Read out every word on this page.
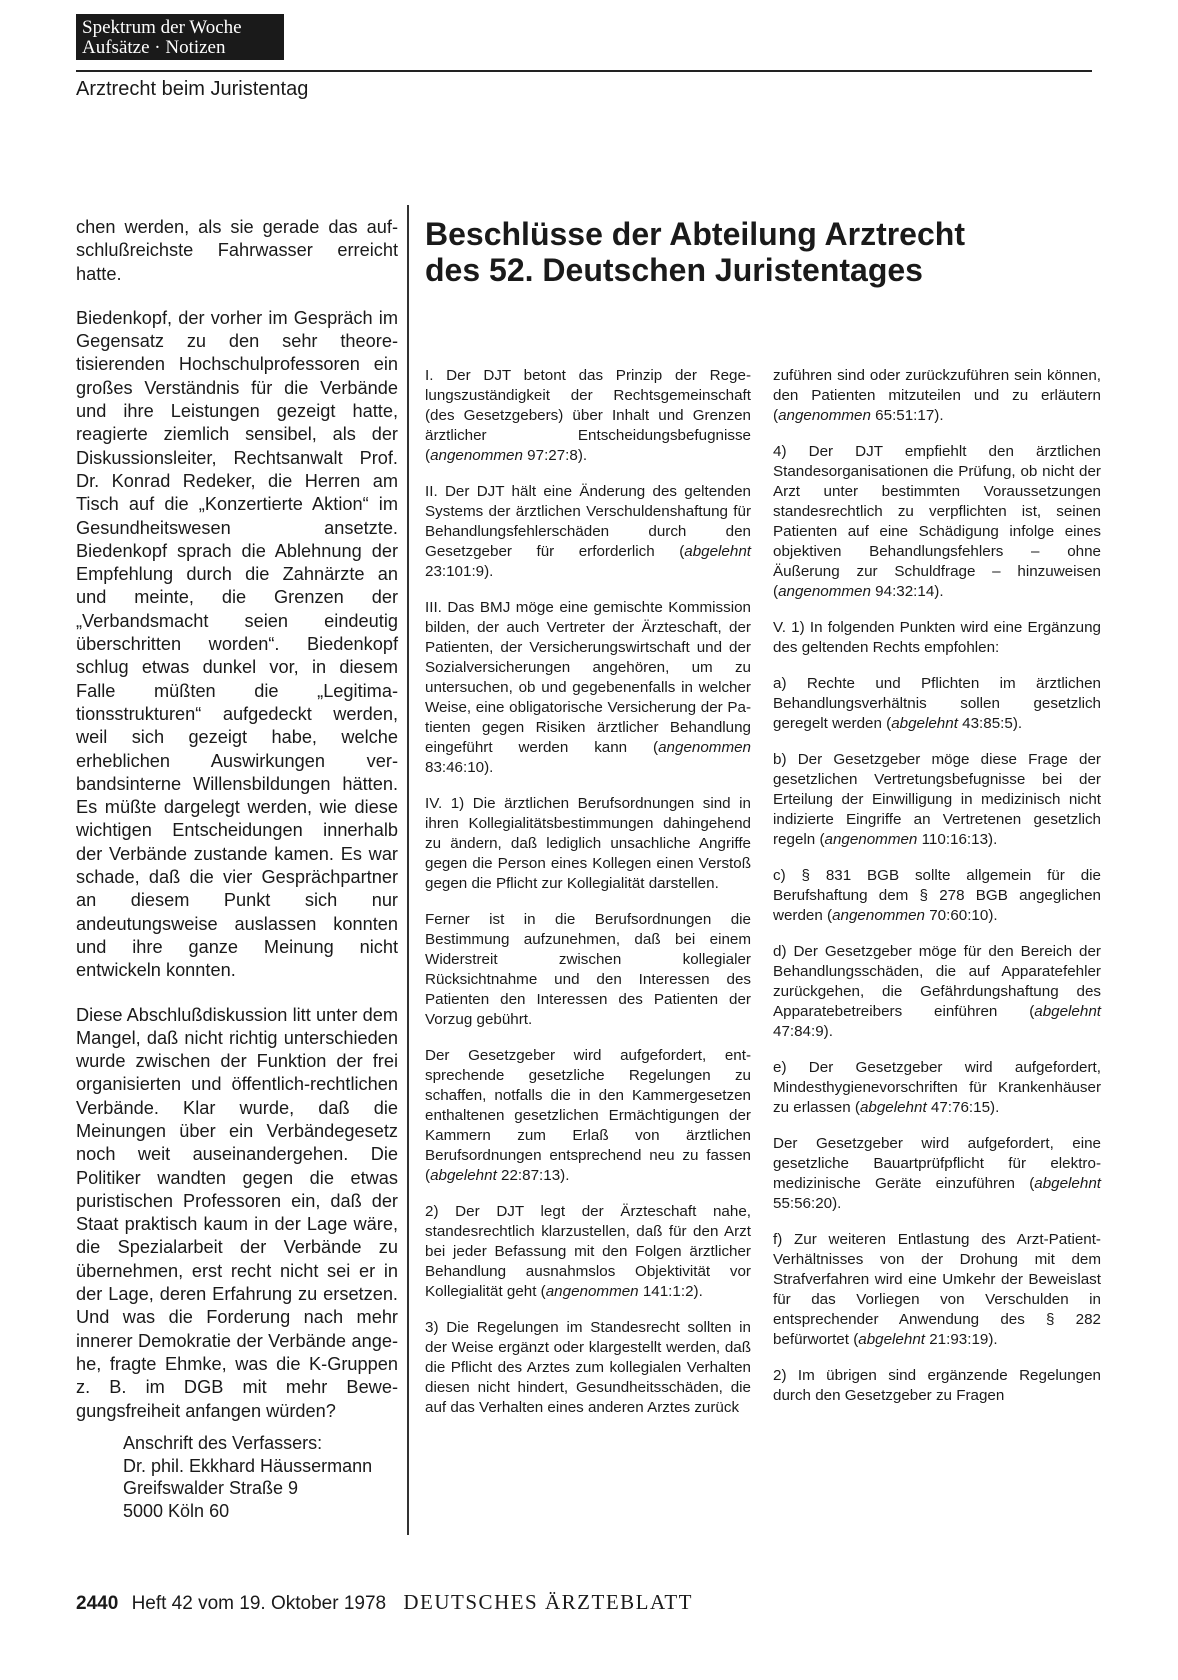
Spektrum der Woche
Aufsätze · Notizen
Arztrecht beim Juristentag

chen werden, als sie gerade das aufschlußreichste Fahrwasser erreicht hatte.

Biedenkopf, der vorher im Gespräch im Gegensatz zu den sehr theoretisierenden Hochschulprofessoren ein großes Verständnis für die Verbände und ihre Leistungen gezeigt hatte, reagierte ziemlich sensibel, als der Diskussionsleiter, Rechtsanwalt Prof. Dr. Konrad Redeker, die Herren am Tisch auf die „Konzertierte Aktion“ im Gesundheitswesen ansetzte. Biedenkopf sprach die Ablehnung der Empfehlung durch die Zahnärzte an und meinte, die Grenzen der „Verbandsmacht seien eindeutig überschritten worden“. Biedenkopf schlug etwas dunkel vor, in diesem Falle müßten die „Legitimationsstrukturen“ aufgedeckt werden, weil sich gezeigt habe, welche erheblichen Auswirkungen verbandsinterne Willensbildungen hätten. Es müßte dargelegt werden, wie diese wichtigen Entscheidungen innerhalb der Verbände zustande kamen. Es war schade, daß die vier Gesprächpartner an diesem Punkt sich nur andeutungsweise auslassen konnten und ihre ganze Meinung nicht entwickeln konnten.

Diese Abschlußdiskussion litt unter dem Mangel, daß nicht richtig unterschieden wurde zwischen der Funktion der frei organisierten und öffentlich-rechtlichen Verbände. Klar wurde, daß die Meinungen über ein Verbändegesetz noch weit auseinandergehen. Die Politiker wandten gegen die etwas puristischen Professoren ein, daß der Staat praktisch kaum in der Lage wäre, die Spezialarbeit der Verbände zu übernehmen, erst recht nicht sei er in der Lage, deren Erfahrung zu ersetzen. Und was die Forderung nach mehr innerer Demokratie der Verbände angehe, fragte Ehmke, was die K-Gruppen z. B. im DGB mit mehr Bewegungsfreiheit anfangen würden?

Anschrift des Verfassers:
Dr. phil. Ekkhard Häussermann
Greifswalder Straße 9
5000 Köln 60
Beschlüsse der Abteilung Arztrecht
des 52. Deutschen Juristentages

I. Der DJT betont das Prinzip der Regelungszuständigkeit der Rechtsgemeinschaft (des Gesetzgebers) über Inhalt und Grenzen ärztlicher Entscheidungsbefugnisse (angenommen 97:27:8).

II. Der DJT hält eine Änderung des geltenden Systems der ärztlichen Verschuldenshaftung für Behandlungsfehlerschäden durch den Gesetzgeber für erforderlich (abgelehnt 23:101:9).

III. Das BMJ möge eine gemischte Kommission bilden, der auch Vertreter der Ärzteschaft, der Patienten, der Versicherungswirtschaft und der Sozialversicherungen angehören, um zu untersuchen, ob und gegebenenfalls in welcher Weise, eine obligatorische Versicherung der Patienten gegen Risiken ärztlicher Behandlung eingeführt werden kann (angenommen 83:46:10).

IV. 1) Die ärztlichen Berufsordnungen sind in ihren Kollegialitätsbestimmungen dahingehend zu ändern, daß lediglich unsachliche Angriffe gegen die Person eines Kollegen einen Verstoß gegen die Pflicht zur Kollegialität darstellen.

Ferner ist in die Berufsordnungen die Bestimmung aufzunehmen, daß bei einem Widerstreit zwischen kollegialer Rücksichtnahme und den Interessen des Patienten den Interessen des Patienten der Vorzug gebührt.

Der Gesetzgeber wird aufgefordert, entsprechende gesetzliche Regelungen zu schaffen, notfalls die in den Kammergesetzen enthaltenen gesetzlichen Ermächtigungen der Kammern zum Erlaß von ärztlichen Berufsordnungen entsprechend neu zu fassen (abgelehnt 22:87:13).

2) Der DJT legt der Ärzteschaft nahe, standesrechtlich klarzustellen, daß für den Arzt bei jeder Befassung mit den Folgen ärztlicher Behandlung ausnahmslos Objektivität vor Kollegialität geht (angenommen 141:1:2).

3) Die Regelungen im Standesrecht sollten in der Weise ergänzt oder klargestellt werden, daß die Pflicht des Arztes zum kollegialen Verhalten diesen nicht hindert, Gesundheitsschäden, die auf das Verhalten eines anderen Arztes zurück

zuführen sind oder zurückzuführen sein können, den Patienten mitzuteilen und zu erläutern (angenommen 65:51:17).

4) Der DJT empfiehlt den ärztlichen Standesorganisationen die Prüfung, ob nicht der Arzt unter bestimmten Voraussetzungen standesrechtlich zu verpflichten ist, seinen Patienten auf eine Schädigung infolge eines objektiven Behandlungsfehlers – ohne Äußerung zur Schuldfrage – hinzuweisen (angenommen 94:32:14).

V. 1) In folgenden Punkten wird eine Ergänzung des geltenden Rechts empfohlen:

a) Rechte und Pflichten im ärztlichen Behandlungsverhältnis sollen gesetzlich geregelt werden (abgelehnt 43:85:5).

b) Der Gesetzgeber möge diese Frage der gesetzlichen Vertretungsbefugnisse bei der Erteilung der Einwilligung in medizinisch nicht indizierte Eingriffe an Vertretenen gesetzlich regeln (angenommen 110:16:13).

c) § 831 BGB sollte allgemein für die Berufshaftung dem § 278 BGB angeglichen werden (angenommen 70:60:10).

d) Der Gesetzgeber möge für den Bereich der Behandlungsschäden, die auf Apparatefehler zurückgehen, die Gefährdungshaftung des Apparatebetreibers einführen (abgelehnt 47:84:9).

e) Der Gesetzgeber wird aufgefordert, Mindesthygienevorschriften für Krankenhäuser zu erlassen (abgelehnt 47:76:15).

Der Gesetzgeber wird aufgefordert, eine gesetzliche Bauartprüfpflicht für elektromedizinische Geräte einzuführen (abgelehnt 55:56:20).

f) Zur weiteren Entlastung des Arzt-Patient-Verhältnisses von der Drohung mit dem Strafverfahren wird eine Umkehr der Beweislast für das Vorliegen von Verschulden in entsprechender Anwendung des § 282 befürwortet (abgelehnt 21:93:19).

2) Im übrigen sind ergänzende Regelungen durch den Gesetzgeber zu Fragen

2440 Heft 42 vom 19. Oktober 1978 DEUTSCHES ÄRZTEBLATT
